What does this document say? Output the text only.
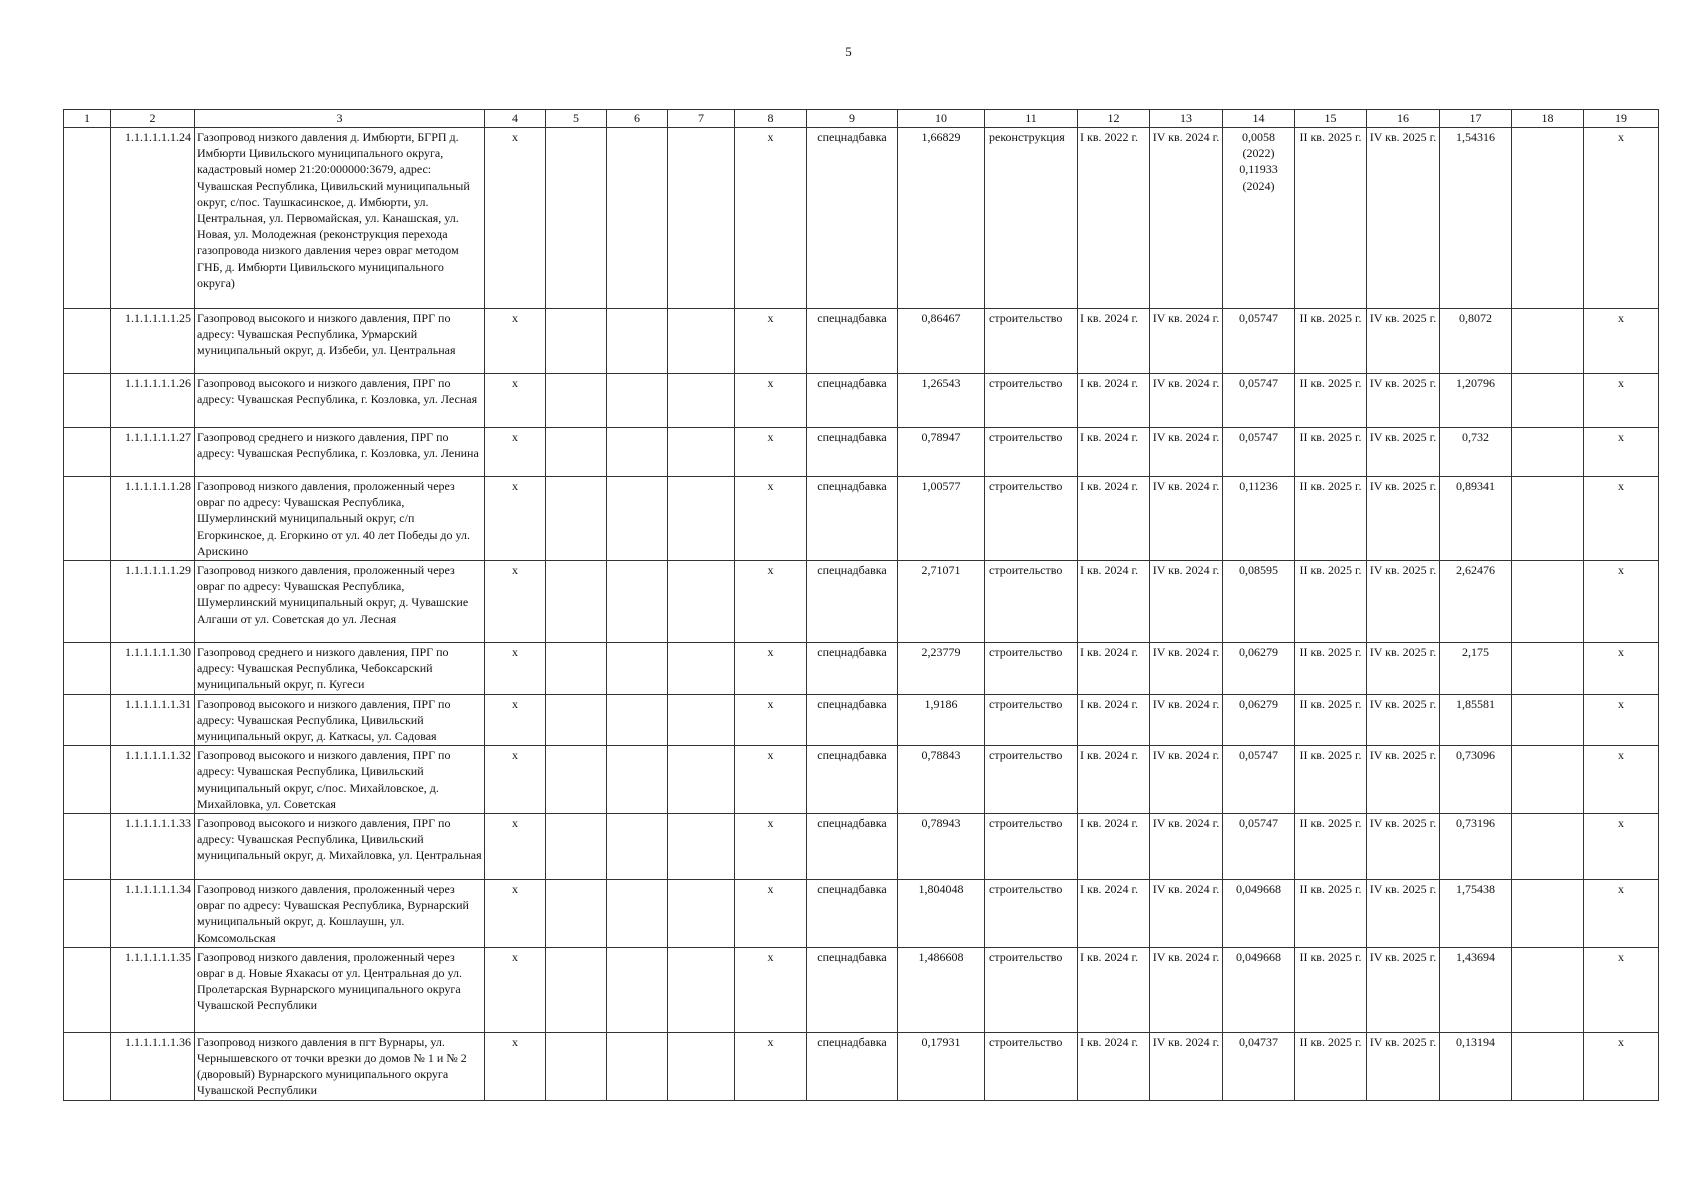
5
1	2	3	4	5	6	7	8	9	10	11	12	13	14	15	16	17	18	19
	1.1.1.1.1.1.24	Газопровод низкого давления д. Имбюрти, БГРП д. Имбюрти Цивильского муниципального округа, кадастровый номер 21:20:000000:3679, адрес: Чувашская Республика, Цивильский муниципальный округ, с/пос. Таушкасинское, д. Имбюрти, ул. Центральная, ул. Первомайская, ул. Канашская, ул. Новая, ул. Молодежная (реконструкция перехода газопровода низкого давления через овраг методом ГНБ, д. Имбюрти Цивильского муниципального округа)	х				х	спецнадбавка	1,66829	реконструкция	I кв. 2022 г.	IV кв. 2024 г.	0,0058 (2022) 0,11933 (2024)	II кв. 2025 г.	IV кв. 2025 г.	1,54316		х
	1.1.1.1.1.1.25	Газопровод высокого и низкого давления, ПРГ по адресу: Чувашская Республика, Урмарский муниципальный округ, д. Избеби, ул. Центральная	х				х	спецнадбавка	0,86467	строительство	I кв. 2024 г.	IV кв. 2024 г.	0,05747	II кв. 2025 г.	IV кв. 2025 г.	0,8072		х
	1.1.1.1.1.1.26	Газопровод высокого и низкого давления, ПРГ по адресу: Чувашская Республика, г. Козловка, ул. Лесная	х				х	спецнадбавка	1,26543	строительство	I кв. 2024 г.	IV кв. 2024 г.	0,05747	II кв. 2025 г.	IV кв. 2025 г.	1,20796		х
	1.1.1.1.1.1.27	Газопровод среднего и низкого давления, ПРГ по адресу: Чувашская Республика, г. Козловка, ул. Ленина	х				х	спецнадбавка	0,78947	строительство	I кв. 2024 г.	IV кв. 2024 г.	0,05747	II кв. 2025 г.	IV кв. 2025 г.	0,732		х
	1.1.1.1.1.1.28	Газопровод низкого давления, проложенный через овраг по адресу: Чувашская Республика, Шумерлинский муниципальный округ, с/п Егоркинское, д. Егоркино от ул. 40 лет Победы до ул. Арискино	х				х	спецнадбавка	1,00577	строительство	I кв. 2024 г.	IV кв. 2024 г.	0,11236	II кв. 2025 г.	IV кв. 2025 г.	0,89341		х
	1.1.1.1.1.1.29	Газопровод низкого давления, проложенный через овраг по адресу: Чувашская Республика, Шумерлинский муниципальный округ, д. Чувашские Алгаши от ул. Советская до ул. Лесная	х				х	спецнадбавка	2,71071	строительство	I кв. 2024 г.	IV кв. 2024 г.	0,08595	II кв. 2025 г.	IV кв. 2025 г.	2,62476		х
	1.1.1.1.1.1.30	Газопровод среднего и низкого давления, ПРГ по адресу: Чувашская Республика, Чебоксарский муниципальный округ, п. Кугеси	х				х	спецнадбавка	2,23779	строительство	I кв. 2024 г.	IV кв. 2024 г.	0,06279	II кв. 2025 г.	IV кв. 2025 г.	2,175		х
	1.1.1.1.1.1.31	Газопровод высокого и низкого давления, ПРГ по адресу: Чувашская Республика, Цивильский муниципальный округ, д. Каткасы, ул. Садовая	х				х	спецнадбавка	1,9186	строительство	I кв. 2024 г.	IV кв. 2024 г.	0,06279	II кв. 2025 г.	IV кв. 2025 г.	1,85581		х
	1.1.1.1.1.1.32	Газопровод высокого и низкого давления, ПРГ по адресу: Чувашская Республика, Цивильский муниципальный округ, с/пос. Михайловское, д. Михайловка, ул. Советская	х				х	спецнадбавка	0,78843	строительство	I кв. 2024 г.	IV кв. 2024 г.	0,05747	II кв. 2025 г.	IV кв. 2025 г.	0,73096		х
	1.1.1.1.1.1.33	Газопровод высокого и низкого давления, ПРГ по адресу: Чувашская Республика, Цивильский муниципальный округ, д. Михайловка, ул. Центральная	х				х	спецнадбавка	0,78943	строительство	I кв. 2024 г.	IV кв. 2024 г.	0,05747	II кв. 2025 г.	IV кв. 2025 г.	0,73196		х
	1.1.1.1.1.1.34	Газопровод низкого давления, проложенный через овраг по адресу: Чувашская Республика, Вурнарский муниципальный округ, д. Кошлаушн, ул. Комсомольская	х				х	спецнадбавка	1,804048	строительство	I кв. 2024 г.	IV кв. 2024 г.	0,049668	II кв. 2025 г.	IV кв. 2025 г.	1,75438		х
	1.1.1.1.1.1.35	Газопровод низкого давления, проложенный через овраг в д. Новые Яхакасы от ул. Центральная до ул. Пролетарская Вурнарского муниципального округа Чувашской Республики	х				х	спецнадбавка	1,486608	строительство	I кв. 2024 г.	IV кв. 2024 г.	0,049668	II кв. 2025 г.	IV кв. 2025 г.	1,43694		х
	1.1.1.1.1.1.36	Газопровод низкого давления в пгт Вурнары, ул. Чернышевского от точки врезки до домов № 1 и № 2 (дворовый) Вурнарского муниципального округа Чувашской Республики	х				х	спецнадбавка	0,17931	строительство	I кв. 2024 г.	IV кв. 2024 г.	0,04737	II кв. 2025 г.	IV кв. 2025 г.	0,13194		х
